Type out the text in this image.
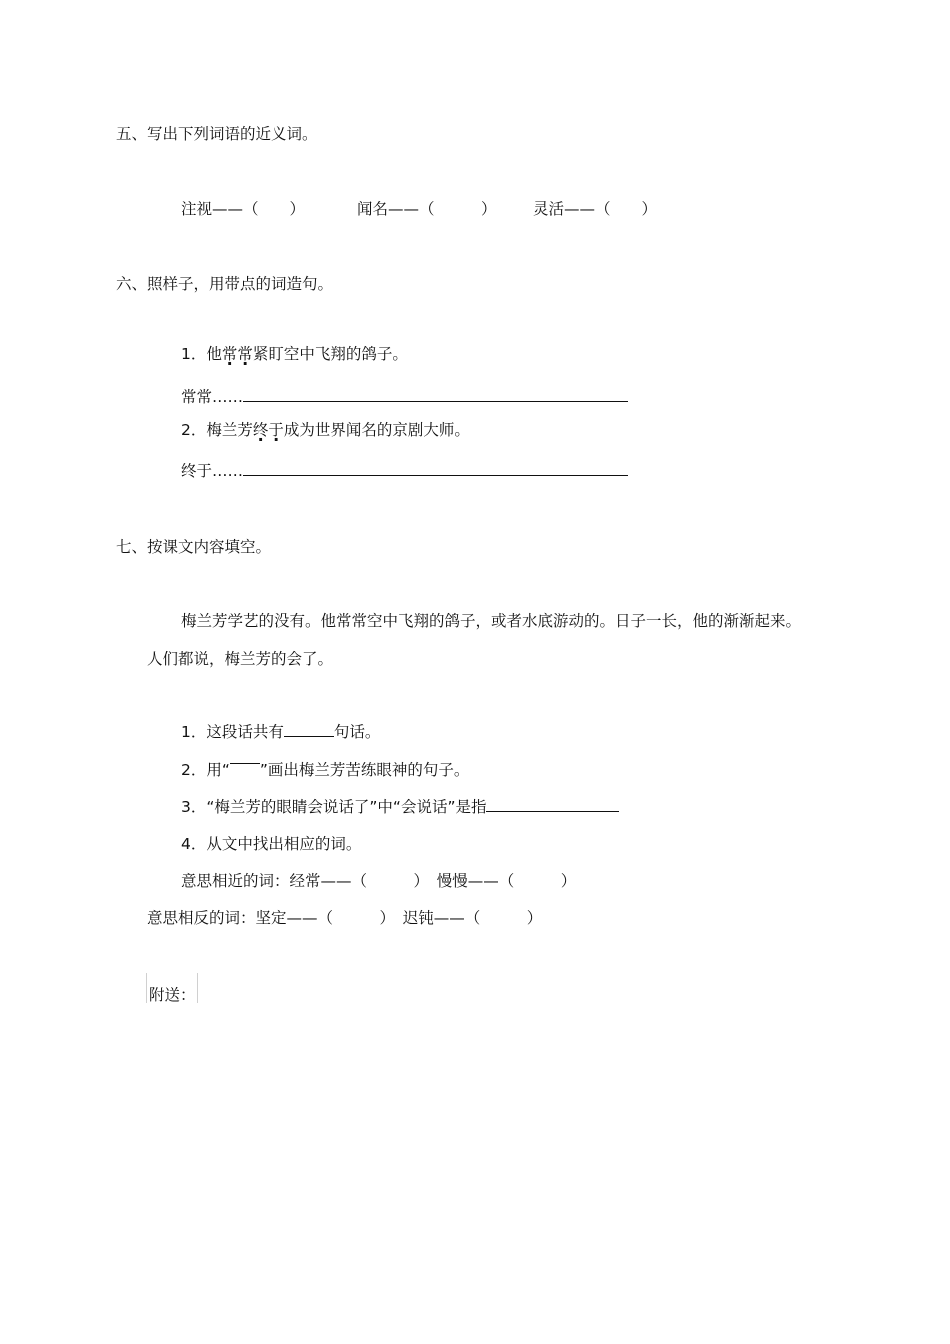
五、写出下列词语的近义词。
注视——（　　）	闻名——（　　　） 灵活——（　　）
六、照样子，用带点的词造句。
1．他常常紧盯空中飞翔的鸽子。
常常……
2．梅兰芳终于成为世界闻名的京剧大师。
终于……
七、按课文内容填空。
梅兰芳学艺的没有。他常常空中飞翔的鸽子，或者水底游动的。日子一长，他的渐渐起来。
人们都说，梅兰芳的会了。
1．这段话共有	句话。
2．用“ ”画出梅兰芳苦练眼神的句子。
3．“梅兰芳的眼睛会说话了”中“会说话”是指
4．从文中找出相应的词。
意思相近的词：经常——（　　　）　慢慢——（　　　）
意思相反的词：坚定——（　　　）　迟钝——（　　　）
附送：
